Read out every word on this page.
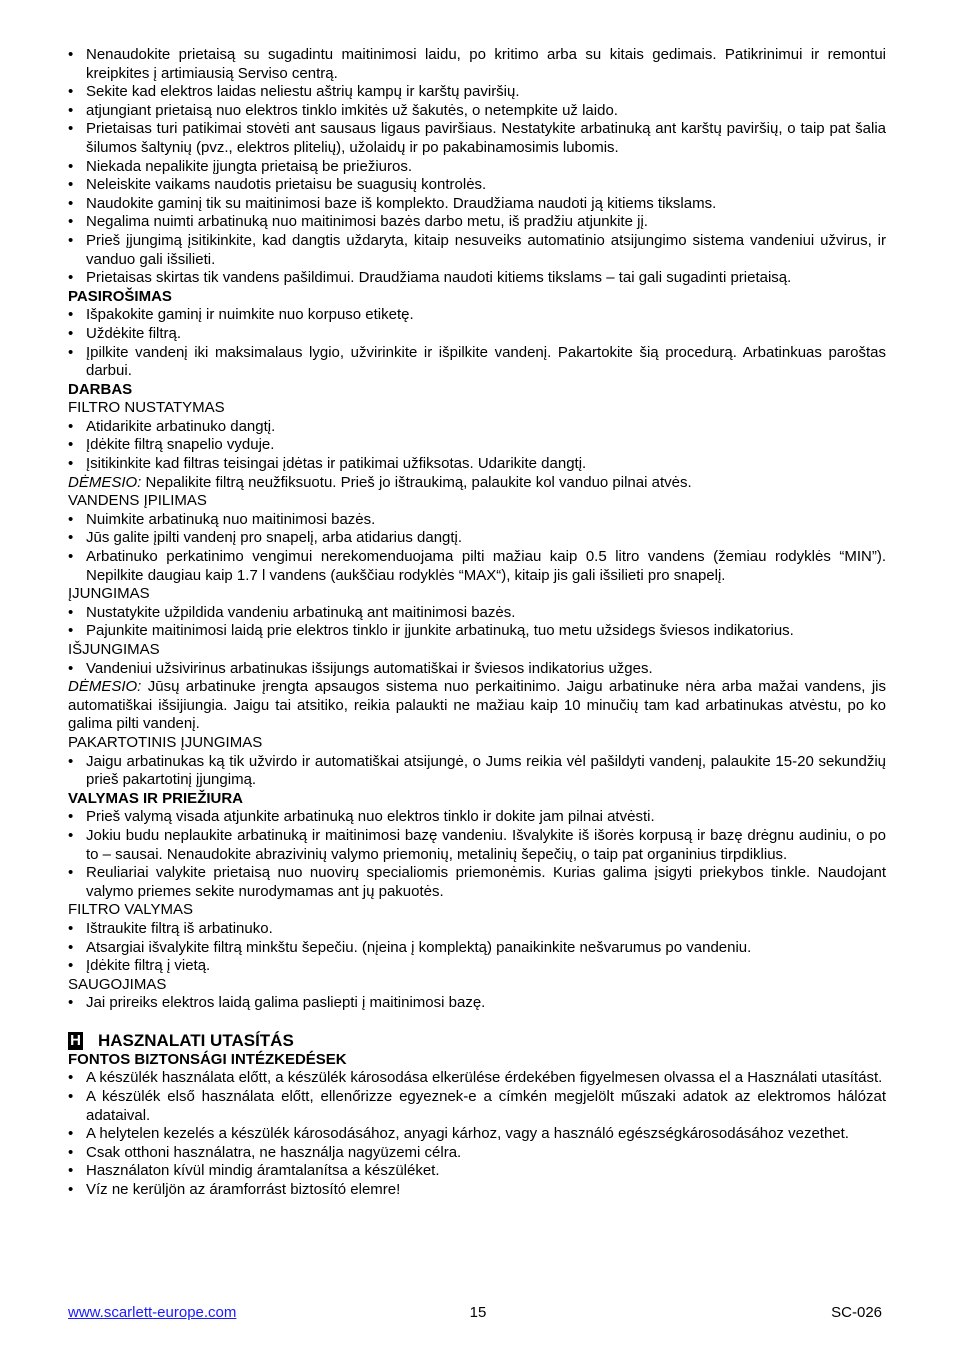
• Nenaudokite prietaisą su sugadintu maitinimosi laidu, po kritimo arba su kitais gedimais. Patikrinimui ir remontui kreipkites į artimiausią Serviso centrą.
• Sekite kad elektros laidas neliestu aštrių kampų ir karštų paviršių.
• atjungiant prietaisą nuo elektros tinklo imkitės už šakutės, o netempkite už laido.
• Prietaisas turi patikimai stovėti ant sausaus ligaus paviršiaus. Nestatykite arbatinuką ant karštų paviršių, o taip pat šalia šilumos šaltynių (pvz., elektros plitelių), užolaidų ir po pakabinamosimis lubomis.
• Niekada nepalikite įjungta prietaisą be priežiuros.
• Neleiskite vaikams naudotis prietaisu be suagusių kontrolės.
• Naudokite gaminį tik su maitinimosi baze iš komplekto. Draudžiama naudoti ją kitiems tikslams.
• Negalima nuimti arbatinuką nuo maitinimosi bazės darbo metu, iš pradžiu atjunkite jį.
• Prieš įjungimą įsitikinkite, kad dangtis uždaryta, kitaip nesuveiks automatinio atsijungimo sistema vandeniui užvirus, ir vanduo gali išsilieti.
• Prietaisas skirtas tik vandens pašildimui. Draudžiama naudoti kitiems tikslams – tai gali sugadinti prietaisą.
PASIROŠIMAS
• Išpakokite gaminį ir nuimkite nuo korpuso etiketę.
• Uždėkite filtrą.
• Įpilkite vandenį iki maksimalaus lygio, užvirinkite ir išpilkite vandenį. Pakartokite šią procedurą. Arbatinkuas paroštas darbui.
DARBAS
FILTRO NUSTATYMAS
• Atidarikite arbatinuko dangtį.
• Įdėkite filtrą snapelio vyduje.
• Įsitikinkite kad filtras teisingai įdėtas ir patikimai užfiksotas. Udarikite dangtį.
DĖMESIO: Nepalikite filtrą neužfiksuotu. Prieš jo ištraukimą, palaukite kol vanduo pilnai atvės.
VANDENS ĮPILIMAS
• Nuimkite arbatinuką nuo maitinimosi bazės.
• Jūs galite įpilti vandenį pro snapelį, arba atidarius dangtį.
• Arbatinuko perkatinimo vengimui nerekomenduojama pilti mažiau kaip 0.5 litro vandens (žemiau rodyklės “MIN”). Nepilkite daugiau kaip 1.7 l vandens (aukščiau rodyklės “MAX“), kitaip jis gali išsilieti pro snapelį.
ĮJUNGIMAS
• Nustatykite užpildida vandeniu arbatinuką ant maitinimosi bazės.
• Pajunkite maitinimosi laidą prie elektros tinklo ir įjunkite arbatinuką, tuo metu užsidegs šviesos indikatorius.
IŠJUNGIMAS
• Vandeniui užsivirinus arbatinukas išsijungs automatiškai ir šviesos indikatorius užges.
DĖMESIO: Jūsų arbatinuke įrengta apsaugos sistema nuo perkaitinimo. Jaigu arbatinuke nėra arba mažai vandens, jis automatiškai išsijiungia. Jaigu tai atsitiko, reikia palaukti ne mažiau kaip 10 minučių tam kad arbatinukas atvėstu, po ko galima pilti vandenį.
PAKARTOTINIS ĮJUNGIMAS
• Jaigu arbatinukas ką tik užvirdo ir automatiškai atsijungė, o Jums reikia vėl pašildyti vandenį, palaukite 15-20 sekundžių prieš pakartotinį įjungimą.
VALYMAS IR PRIEŽIURA
• Prieš valymą visada atjunkite arbatinuką nuo elektros tinklo ir dokite jam pilnai atvėsti.
• Jokiu budu neplaukite arbatinuką ir maitinimosi bazę vandeniu. Išvalykite iš išorės korpusą ir bazę drėgnu audiniu, o po to – sausai. Nenaudokite abrazivinių valymo priemonių, metalinių šepečių, o taip pat organinius tirpdiklius.
• Reuliariai valykite prietaisą nuo nuovirų specialiomis priemonėmis. Kurias galima įsigyti priekybos tinkle. Naudojant valymo priemes sekite nurodymamas ant jų pakuotės.
FILTRO VALYMAS
• Ištraukite filtrą iš arbatinuko.
• Atsargiai išvalykite filtrą minkštu šepečiu. (nįeina į komplektą) panaikinkite nešvarumus po vandeniu.
• Įdėkite filtrą į vietą.
SAUGOJIMAS
• Jai prireiks elektros laidą galima pasliepti į maitinimosi bazę.
H HASZNALATI UTASÍTÁS
FONTOS BIZTONSÁGI INTÉZKEDÉSEK
• A készülék használata előtt, a készülék károsodása elkerülése érdekében figyelmesen olvassa el a Használati utasítást.
• A készülék első használata előtt, ellenőrizze egyeznek-e a címkén megjelölt műszaki adatok az elektromos hálózat adataival.
• A helytelen kezelés a készülék károsodásához, anyagi kárhoz, vagy a használó egészségkárosodásához vezethet.
• Csak otthoni használatra, ne használja nagyüzemi célra.
• Használaton kívül mindig áramtalanítsa a készüléket.
• Víz ne kerüljön az áramforrást biztosító elemre!
www.scarlett-europe.com	15	SC-026
